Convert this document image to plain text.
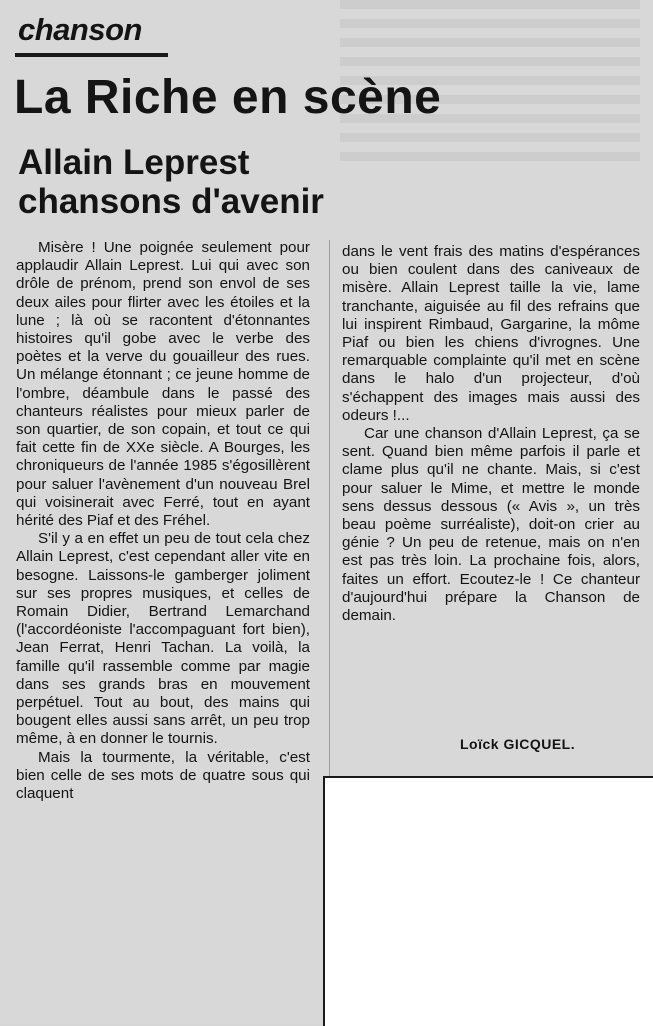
chanson
La Riche en scène
Allain Leprest
chansons d'avenir

Misère ! Une poignée seulement pour applaudir Allain Leprest. Lui qui avec son drôle de prénom, prend son envol de ses deux ailes pour flirter avec les étoiles et la lune ; là où se racontent d'étonnantes histoires qu'il gobe avec le verbe des poètes et la verve du gouailleur des rues. Un mélange étonnant ; ce jeune homme de l'ombre, déambule dans le passé des chanteurs réalistes pour mieux parler de son quartier, de son copain, et tout ce qui fait cette fin de XXe siècle. A Bourges, les chroniqueurs de l'année 1985 s'égosillèrent pour saluer l'avènement d'un nouveau Brel qui voisinerait avec Ferré, tout en ayant hérité des Piaf et des Fréhel.

S'il y a en effet un peu de tout cela chez Allain Leprest, c'est cependant aller vite en besogne. Laissons-le gamberger joliment sur ses propres musiques, et celles de Romain Didier, Bertrand Lemarchand (l'accordéoniste l'accompaguant fort bien), Jean Ferrat, Henri Tachan. La voilà, la famille qu'il rassemble comme par magie dans ses grands bras en mouvement perpétuel. Tout au bout, des mains qui bougent elles aussi sans arrêt, un peu trop même, à en donner le tournis.

Mais la tourmente, la véritable, c'est bien celle de ses mots de quatre sous qui claquent

dans le vent frais des matins d'espérances ou bien coulent dans des caniveaux de misère. Allain Leprest taille la vie, lame tranchante, aiguisée au fil des refrains que lui inspirent Rimbaud, Gargarine, la môme Piaf ou bien les chiens d'ivrognes. Une remarquable complainte qu'il met en scène dans le halo d'un projecteur, d'où s'échappent des images mais aussi des odeurs !...

Car une chanson d'Allain Leprest, ça se sent. Quand bien même parfois il parle et clame plus qu'il ne chante. Mais, si c'est pour saluer le Mime, et mettre le monde sens dessus dessous (« Avis », un très beau poème surréaliste), doit-on crier au génie ? Un peu de retenue, mais on n'en est pas très loin. La prochaine fois, alors, faites un effort. Ecoutez-le ! Ce chanteur d'aujourd'hui prépare la Chanson de demain.

Loïck GICQUEL.
